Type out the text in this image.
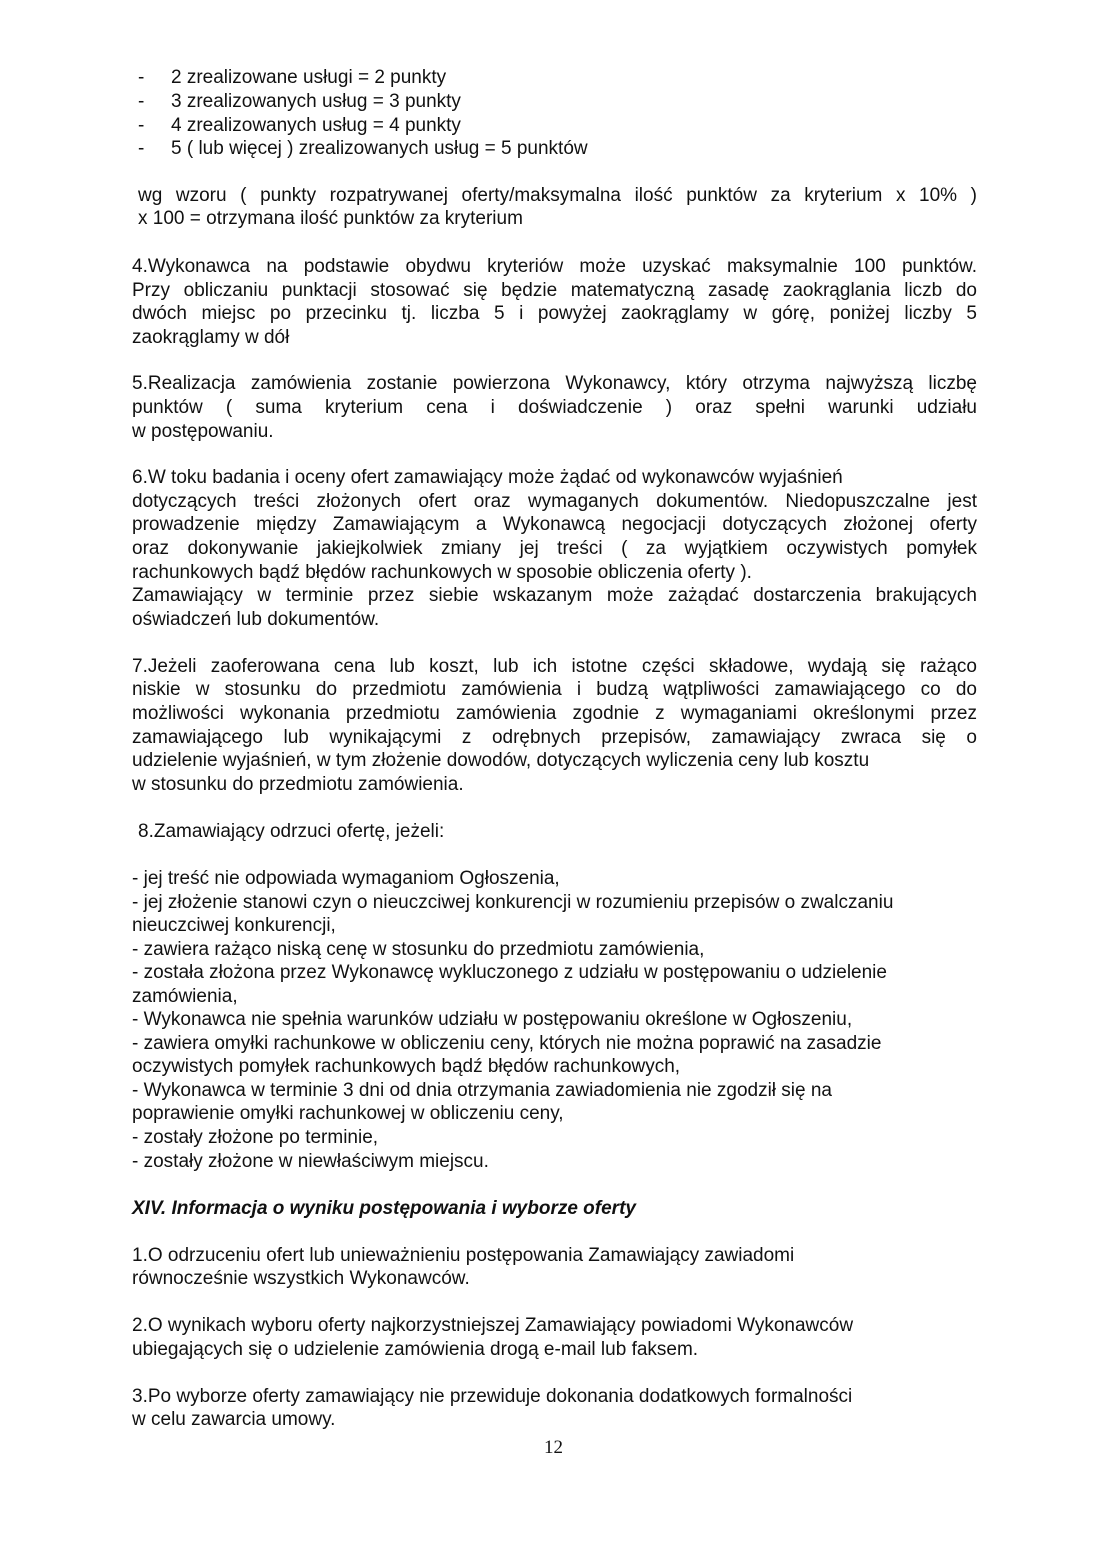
- 2 zrealizowane usługi = 2 punkty
- 3 zrealizowanych usług = 3 punkty
- 4 zrealizowanych usług = 4 punkty
- 5 ( lub więcej ) zrealizowanych usług = 5 punktów
wg wzoru ( punkty rozpatrywanej oferty/maksymalna ilość punktów za kryterium x 10% )
x 100 = otrzymana ilość punktów za kryterium
4.Wykonawca na podstawie obydwu kryteriów może uzyskać maksymalnie 100 punktów.
Przy obliczaniu punktacji stosować się będzie matematyczną zasadę zaokrąglania liczb do
dwóch miejsc po przecinku tj. liczba 5 i powyżej zaokrąglamy w górę, poniżej liczby 5
zaokrąglamy w dół
5.Realizacja zamówienia zostanie powierzona Wykonawcy, który otrzyma najwyższą liczbę
punktów ( suma kryterium cena i doświadczenie ) oraz spełni warunki udziału
w postępowaniu.
6.W toku badania i oceny ofert zamawiający może żądać od wykonawców wyjaśnień
dotyczących treści złożonych ofert oraz wymaganych dokumentów. Niedopuszczalne jest
prowadzenie między Zamawiającym a Wykonawcą negocjacji dotyczących złożonej oferty
oraz dokonywanie jakiejkolwiek zmiany jej treści ( za wyjątkiem oczywistych pomyłek
rachunkowych bądź błędów rachunkowych w sposobie obliczenia oferty ).
Zamawiający w terminie przez siebie wskazanym może zażądać dostarczenia brakujących
oświadczeń lub dokumentów.
7.Jeżeli zaoferowana cena lub koszt, lub ich istotne części składowe, wydają się rażąco
niskie w stosunku do przedmiotu zamówienia i budzą wątpliwości zamawiającego co do
możliwości wykonania przedmiotu zamówienia zgodnie z wymaganiami określonymi przez
zamawiającego lub wynikającymi z odrębnych przepisów, zamawiający zwraca się o
udzielenie wyjaśnień, w tym złożenie dowodów, dotyczących wyliczenia ceny lub kosztu
w stosunku do przedmiotu zamówienia.
8.Zamawiający odrzuci ofertę, jeżeli:
- jej treść nie odpowiada wymaganiom Ogłoszenia,
- jej złożenie stanowi czyn o nieuczciwej konkurencji w rozumieniu przepisów o zwalczaniu
nieuczciwej konkurencji,
- zawiera rażąco niską cenę w stosunku do przedmiotu zamówienia,
- została złożona przez Wykonawcę wykluczonego z udziału w postępowaniu o udzielenie
zamówienia,
- Wykonawca nie spełnia warunków udziału w postępowaniu określone w Ogłoszeniu,
- zawiera omyłki rachunkowe w obliczeniu ceny, których nie można poprawić na zasadzie
oczywistych pomyłek rachunkowych bądź błędów rachunkowych,
- Wykonawca w terminie 3 dni od dnia otrzymania zawiadomienia nie zgodził się na
poprawienie omyłki rachunkowej w obliczeniu ceny,
- zostały złożone po terminie,
- zostały złożone w niewłaściwym miejscu.
XIV. Informacja o wyniku postępowania i wyborze oferty
1.O odrzuceniu ofert lub unieważnieniu postępowania Zamawiający zawiadomi
równocześnie wszystkich Wykonawców.
2.O wynikach wyboru oferty najkorzystniejszej Zamawiający powiadomi Wykonawców
ubiegających się o udzielenie zamówienia drogą e-mail lub faksem.
3.Po wyborze oferty zamawiający nie przewiduje dokonania dodatkowych formalności
w celu zawarcia umowy.
12
